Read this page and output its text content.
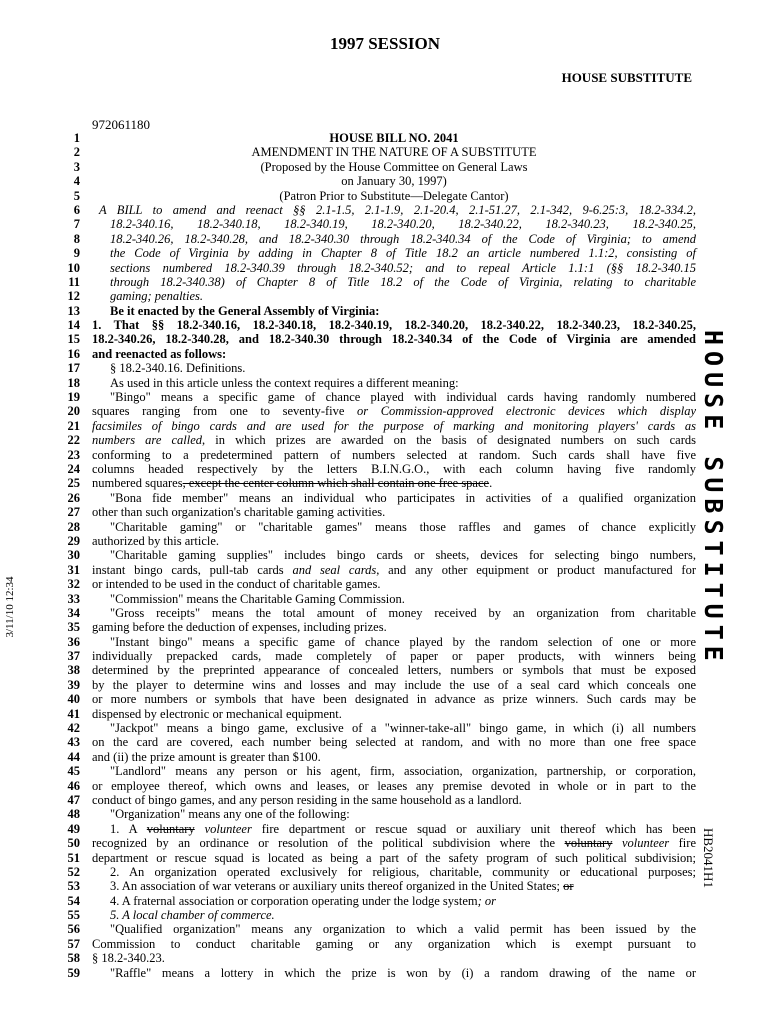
1997 SESSION
HOUSE SUBSTITUTE
972061180
3/11/10 12:34	HOUSE SUBSTITUTE
HB2041H1
1	HOUSE BILL NO. 2041
2	AMENDMENT IN THE NATURE OF A SUBSTITUTE
3	(Proposed by the House Committee on General Laws
4	on January 30, 1997)
5	(Patron Prior to Substitute—Delegate Cantor)
6	A BILL to amend and reenact §§ 2.1-1.5, 2.1-1.9, 2.1-20.4, 2.1-51.27, 2.1-342, 9-6.25:3, 18.2-334.2,
7	18.2-340.16, 18.2-340.18, 18.2-340.19, 18.2-340.20, 18.2-340.22, 18.2-340.23, 18.2-340.25,
8	18.2-340.26, 18.2-340.28, and 18.2-340.30 through 18.2-340.34 of the Code of Virginia; to amend
9	the Code of Virginia by adding in Chapter 8 of Title 18.2 an article numbered 1.1:2, consisting of
10	sections numbered 18.2-340.39 through 18.2-340.52; and to repeal Article 1.1:1 (§§ 18.2-340.15
11	through 18.2-340.38) of Chapter 8 of Title 18.2 of the Code of Virginia, relating to charitable
12	gaming; penalties.
13	Be it enacted by the General Assembly of Virginia:
14 1. That §§ 18.2-340.16, 18.2-340.18, 18.2-340.19, 18.2-340.20, 18.2-340.22, 18.2-340.23, 18.2-340.25,
15 18.2-340.26, 18.2-340.28, and 18.2-340.30 through 18.2-340.34 of the Code of Virginia are amended
16 and reenacted as follows:
17	§ 18.2-340.16. Definitions.
18	As used in this article unless the context requires a different meaning:
19	"Bingo" means a specific game of chance played with individual cards having randomly numbered
20 squares ranging from one to seventy-five or Commission-approved electronic devices which display
21 facsimiles of bingo cards and are used for the purpose of marking and monitoring players' cards as
22 numbers are called, in which prizes are awarded on the basis of designated numbers on such cards
23 conforming to a predetermined pattern of numbers selected at random. Such cards shall have five
24 columns headed respectively by the letters B.I.N.G.O., with each column having five randomly
25 numbered squares, except the center column which shall contain one free space.
26	"Bona fide member" means an individual who participates in activities of a qualified organization
27 other than such organization's charitable gaming activities.
28	"Charitable gaming" or "charitable games" means those raffles and games of chance explicitly
29 authorized by this article.
30	"Charitable gaming supplies" includes bingo cards or sheets, devices for selecting bingo numbers,
31 instant bingo cards, pull-tab cards and seal cards, and any other equipment or product manufactured for
32 or intended to be used in the conduct of charitable games.
33	"Commission" means the Charitable Gaming Commission.
34	"Gross receipts" means the total amount of money received by an organization from charitable
35 gaming before the deduction of expenses, including prizes.
36	"Instant bingo" means a specific game of chance played by the random selection of one or more
37 individually prepacked cards, made completely of paper or paper products, with winners being
38 determined by the preprinted appearance of concealed letters, numbers or symbols that must be exposed
39 by the player to determine wins and losses and may include the use of a seal card which conceals one
40 or more numbers or symbols that have been designated in advance as prize winners. Such cards may be
41 dispensed by electronic or mechanical equipment.
42	"Jackpot" means a bingo game, exclusive of a "winner-take-all" bingo game, in which (i) all numbers
43 on the card are covered, each number being selected at random, and with no more than one free space
44 and (ii) the prize amount is greater than $100.
45	"Landlord" means any person or his agent, firm, association, organization, partnership, or corporation,
46 or employee thereof, which owns and leases, or leases any premise devoted in whole or in part to the
47 conduct of bingo games, and any person residing in the same household as a landlord.
48	"Organization" means any one of the following:
49	1. A voluntary volunteer fire department or rescue squad or auxiliary unit thereof which has been
50 recognized by an ordinance or resolution of the political subdivision where the voluntary volunteer fire
51 department or rescue squad is located as being a part of the safety program of such political subdivision;
52	2. An organization operated exclusively for religious, charitable, community or educational purposes;
53	3. An association of war veterans or auxiliary units thereof organized in the United States; or
54	4. A fraternal association or corporation operating under the lodge system; or
55	5. A local chamber of commerce.
56	"Qualified organization" means any organization to which a valid permit has been issued by the
57 Commission to conduct charitable gaming or any organization which is exempt pursuant to
58 § 18.2-340.23.
59	"Raffle" means a lottery in which the prize is won by (i) a random drawing of the name or
